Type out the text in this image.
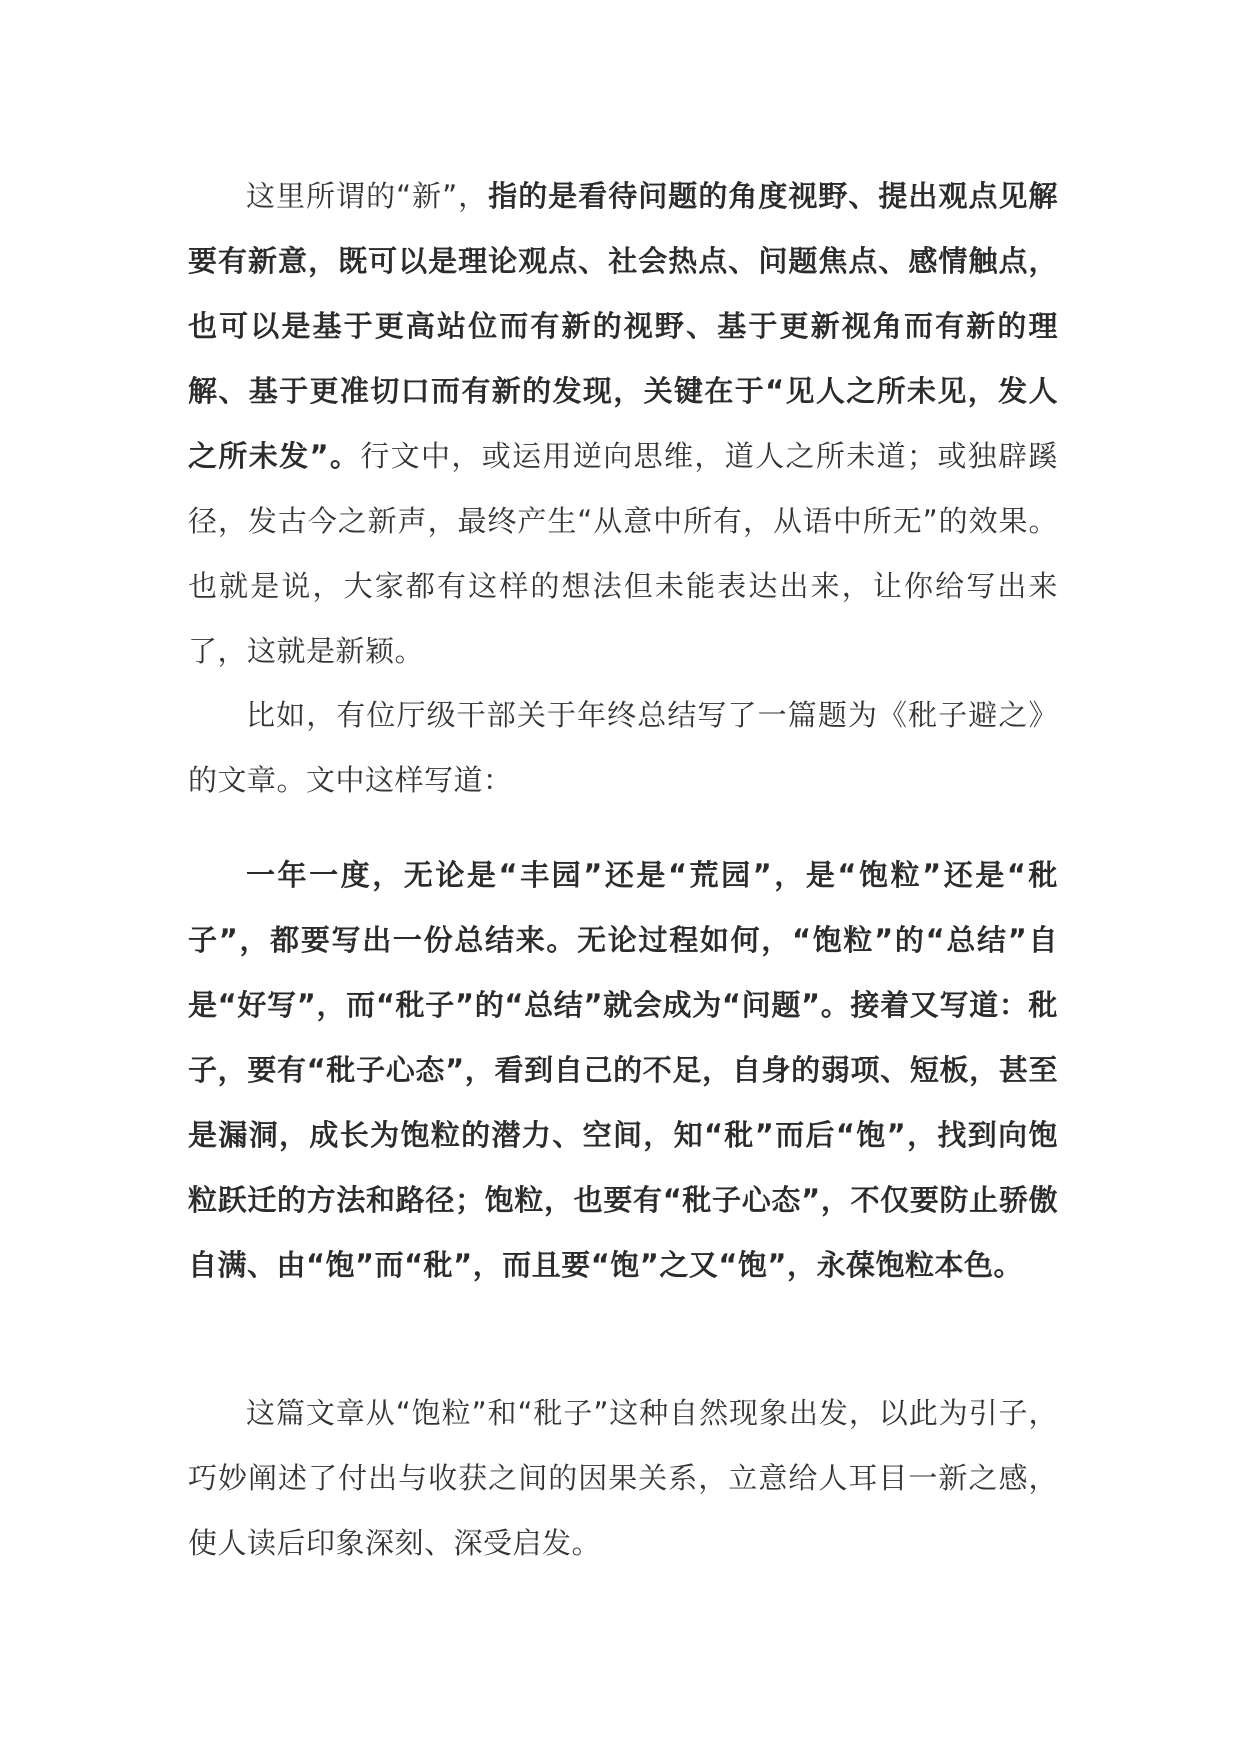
这里所谓的“新”，指的是看待问题的角度视野、提出观点见解要有新意，既可以是理论观点、社会热点、问题焦点、感情触点，也可以是基于更高站位而有新的视野、基于更新视角而有新的理解、基于更准切口而有新的发现，关键在于“见人之所未见，发人之所未发”。行文中，或运用逆向思维，道人之所未道；或独辟蹊径，发古今之新声，最终产生“从意中所有，从语中所无”的效果。也就是说，大家都有这样的想法但未能表达出来，让你给写出来了，这就是新颖。

比如，有位厅级干部关于年终总结写了一篇题为《秕子避之》的文章。文中这样写道：

一年一度，无论是“丰园”还是“荒园”，是“饱粒”还是“秕子”，都要写出一份总结来。无论过程如何，“饱粒”的“总结”自是“好写”，而“秕子”的“总结”就会成为“问题”。接着又写道：秕子，要有“秕子心态”，看到自己的不足，自身的弱项、短板，甚至是漏洞，成长为饱粒的潜力、空间，知“秕”而后“饱”，找到向饱粒跃迁的方法和路径；饱粒，也要有“秕子心态”，不仅要防止骄傲自满、由“饱”而“秕”，而且要“饱”之又“饱”，永葆饱粒本色。

这篇文章从“饱粒”和“秕子”这种自然现象出发，以此为引子，巧妙阐述了付出与收获之间的因果关系，立意给人耳目一新之感，使人读后印象深刻、深受启发。
